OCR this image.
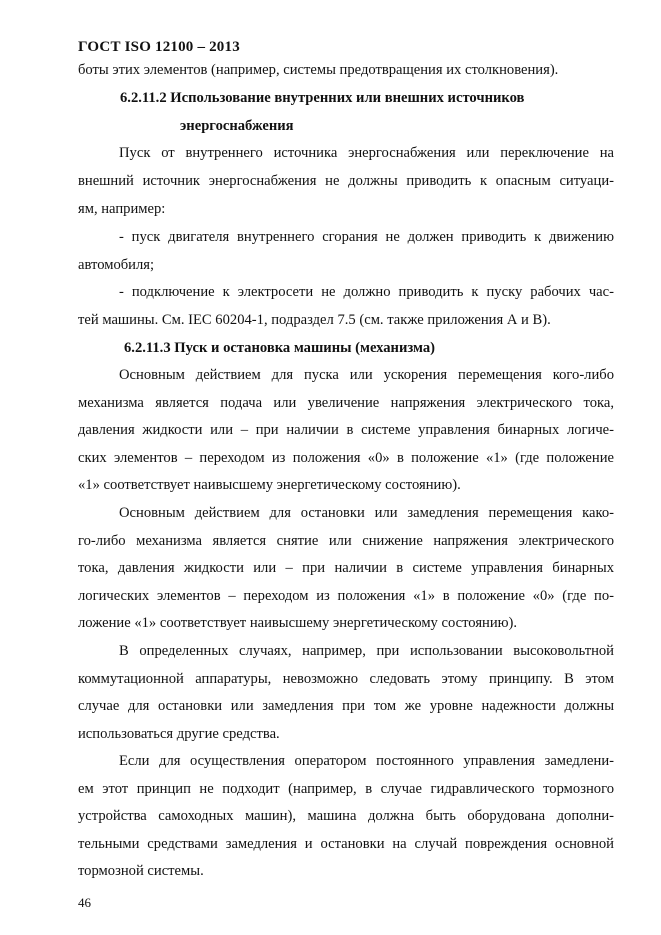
ГОСТ ISO 12100 – 2013
боты этих элементов (например, системы предотвращения их столкновения).
6.2.11.2 Использование внутренних или внешних источников
энергоснабжения
Пуск от внутреннего источника энергоснабжения или переключение на
внешний источник энергоснабжения не должны приводить к опасным ситуаци-
ям, например:
- пуск двигателя внутреннего сгорания не должен приводить к движению
автомобиля;
- подключение к электросети не должно приводить к пуску рабочих час-
тей машины. См. IEC 60204-1, подраздел 7.5 (см. также приложения А и В).
6.2.11.3 Пуск и остановка машины (механизма)
Основным действием для пуска или ускорения перемещения кого-либо
механизма является подача или увеличение напряжения электрического тока,
давления жидкости или – при наличии в системе управления бинарных логиче-
ских элементов – переходом из положения «0» в положение «1» (где положение
«1» соответствует наивысшему энергетическому состоянию).
Основным действием для остановки или замедления перемещения како-
го-либо механизма является снятие или снижение напряжения электрического
тока, давления жидкости или – при наличии в системе управления бинарных
логических элементов – переходом из положения «1» в положение «0» (где по-
ложение «1» соответствует наивысшему энергетическому состоянию).
В определенных случаях, например, при использовании высоковольтной
коммутационной аппаратуры, невозможно следовать этому принципу. В этом
случае для остановки или замедления при том же уровне надежности должны
использоваться другие средства.
Если для осуществления оператором постоянного управления замедлени-
ем этот принцип не подходит (например, в случае гидравлического тормозного
устройства самоходных машин), машина должна быть оборудована дополни-
тельными средствами замедления и остановки на случай повреждения основной
тормозной системы.
46
